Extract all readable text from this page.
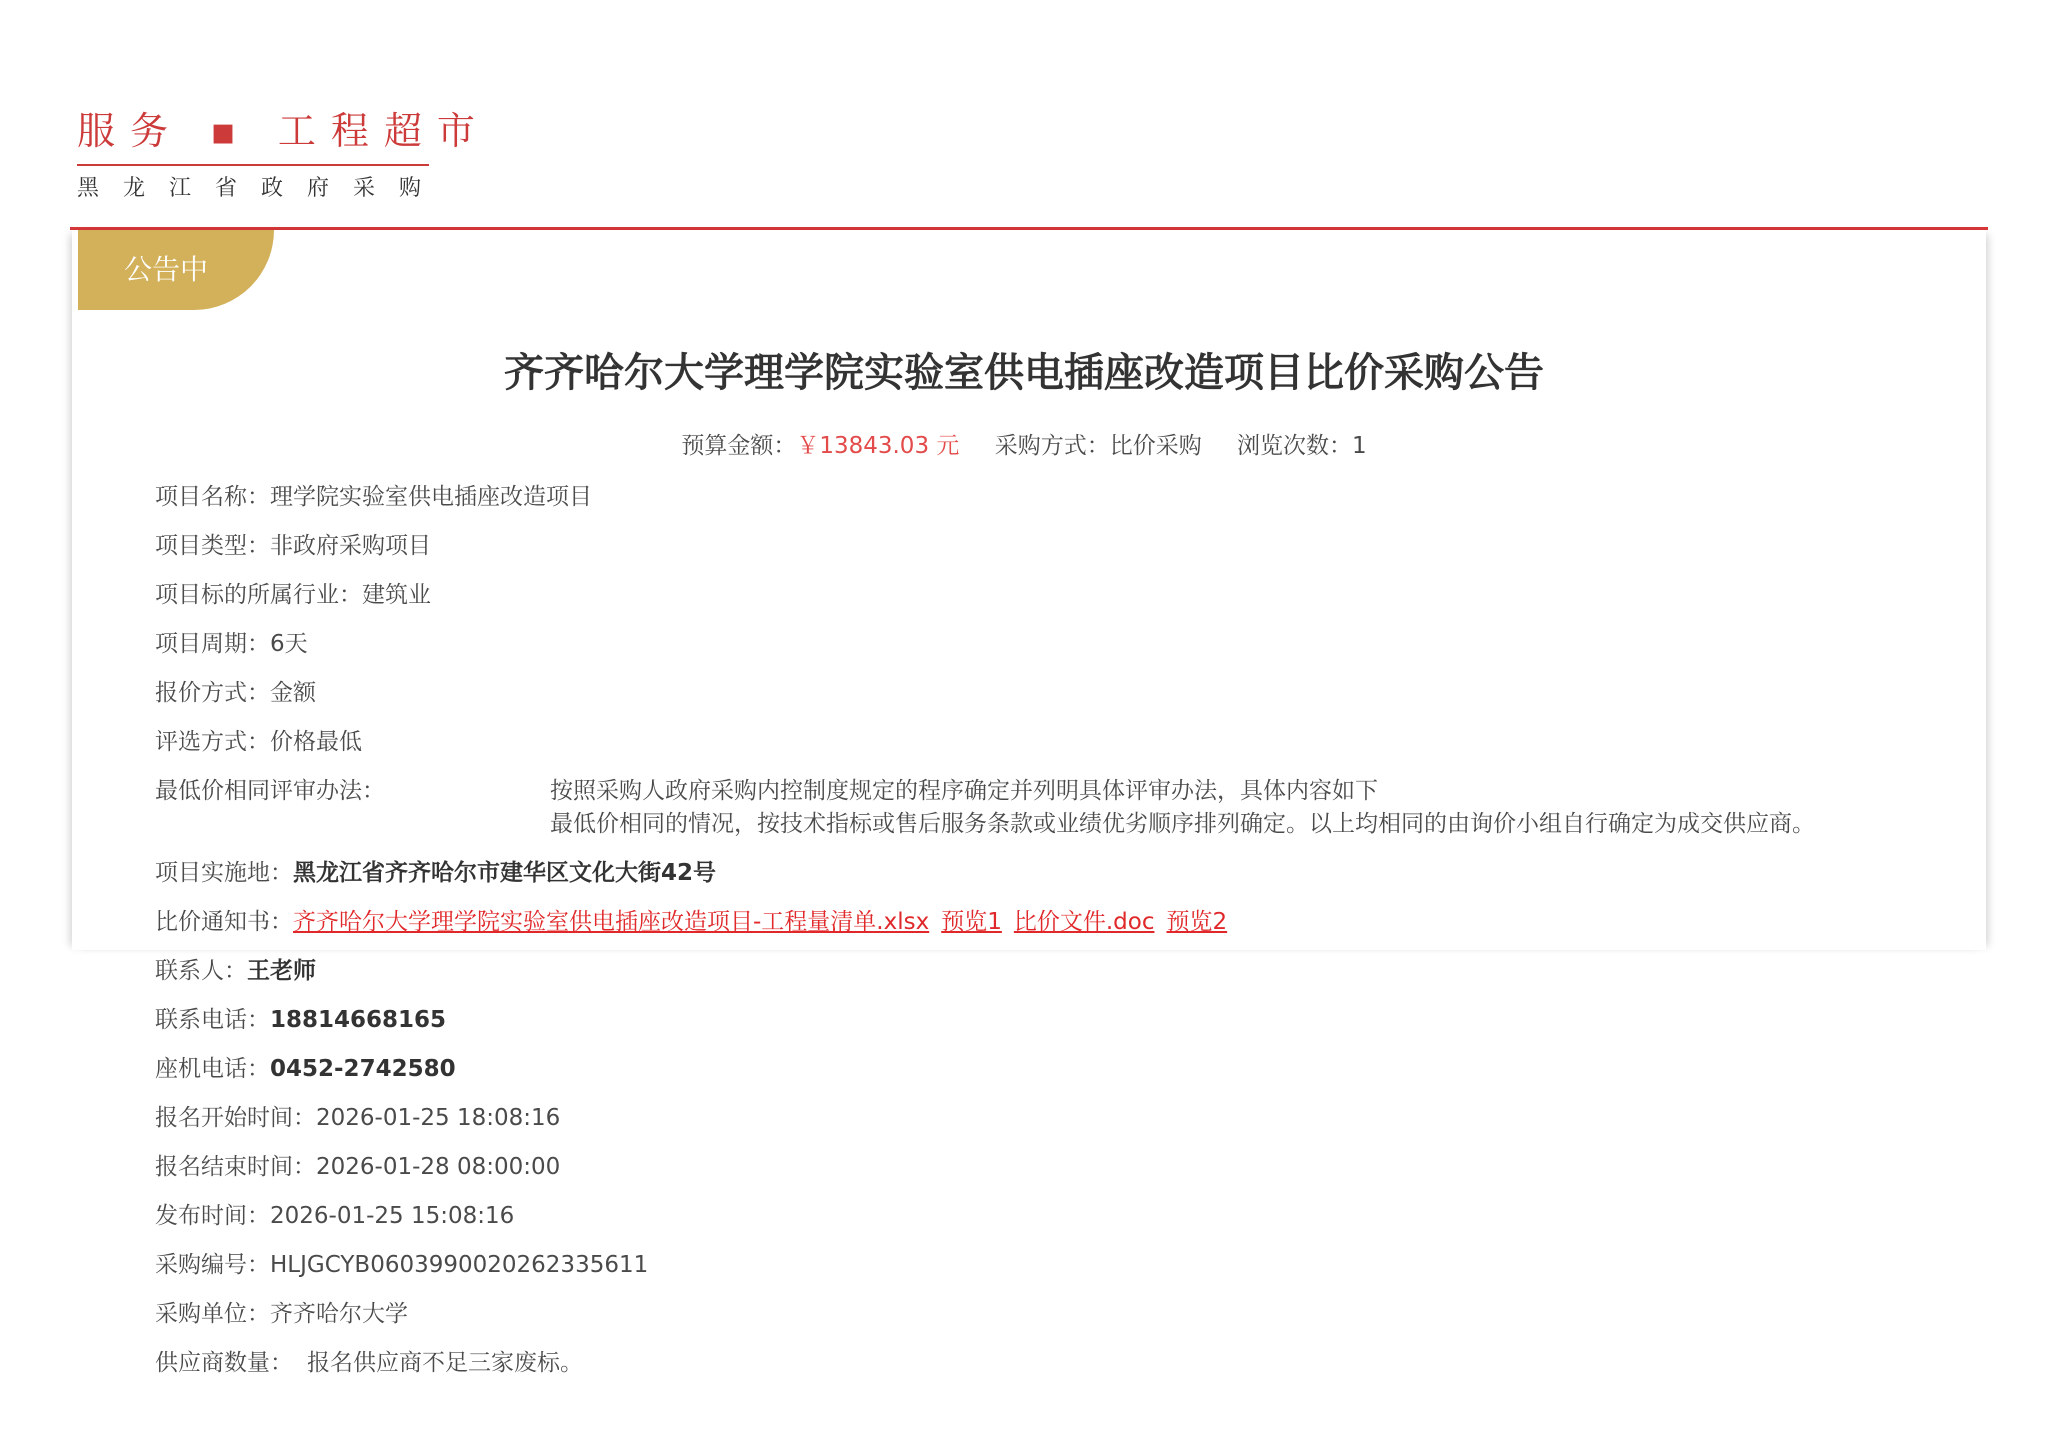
服务 ▪ 工程超市
黑龙江省政府采购
公告中
齐齐哈尔大学理学院实验室供电插座改造项目比价采购公告
预算金额：￥13843.03 元 采购方式：比价采购 浏览次数：1
项目名称：理学院实验室供电插座改造项目
项目类型：非政府采购项目
项目标的所属行业：建筑业
项目周期：6天
报价方式：金额
评选方式：价格最低
最低价相同评审办法：	按照采购人政府采购内控制度规定的程序确定并列明具体评审办法，具体内容如下
最低价相同的情况，按技术指标或售后服务条款或业绩优劣顺序排列确定。以上均相同的由询价小组自行确定为成交供应商。
项目实施地：黑龙江省齐齐哈尔市建华区文化大街42号
比价通知书：齐齐哈尔大学理学院实验室供电插座改造项目-工程量清单.xlsx 预览1 比价文件.doc 预览2
联系人：王老师
联系电话：18814668165
座机电话：0452-2742580
报名开始时间：2026-01-25 18:08:16
报名结束时间：2026-01-28 08:00:00
发布时间：2026-01-25 15:08:16
采购编号：HLJGCYB0603990020262335611
采购单位：齐齐哈尔大学
供应商数量： 报名供应商不足三家废标。
